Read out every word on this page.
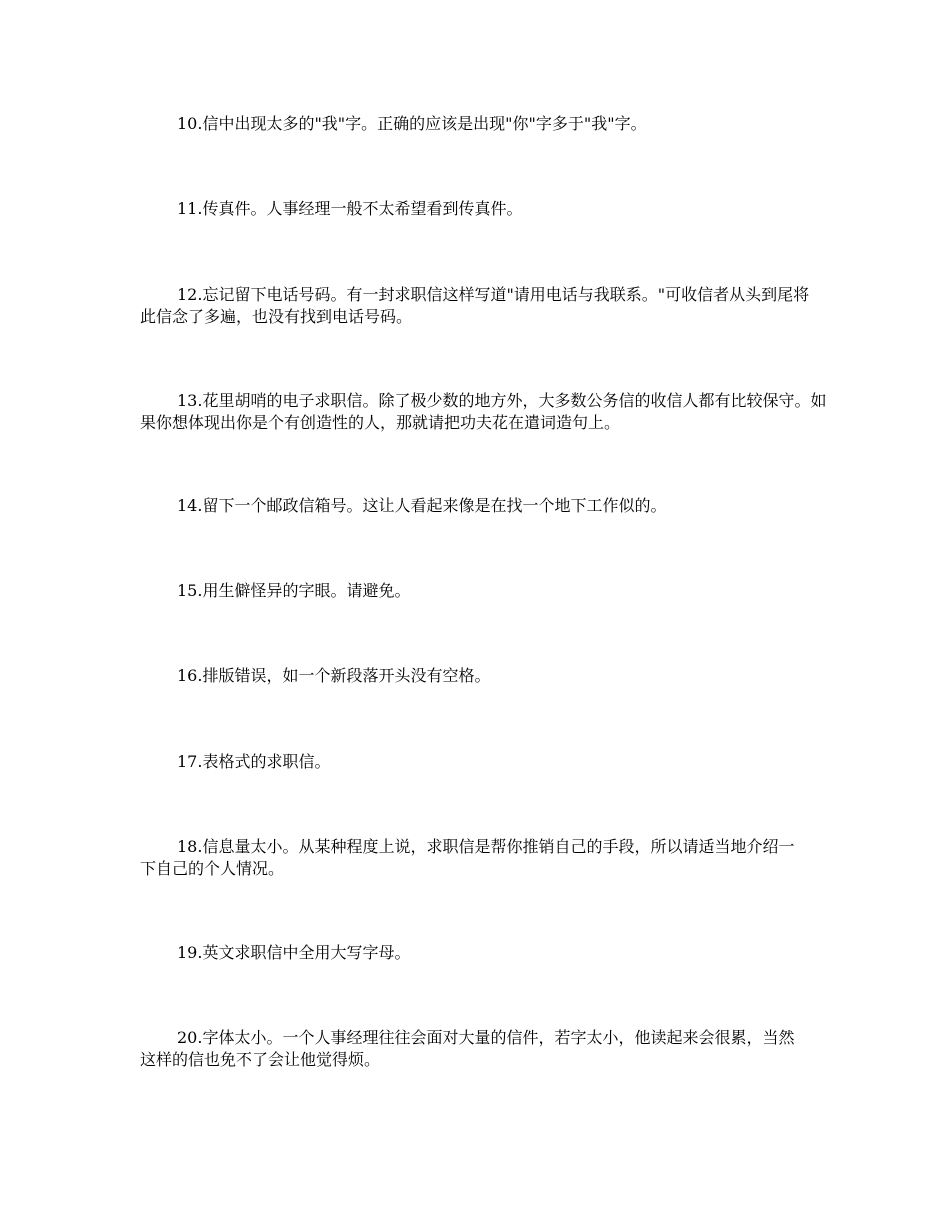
10.信中出现太多的"我"字。正确的应该是出现"你"字多于"我"字。

11.传真件。人事经理一般不太希望看到传真件。

12.忘记留下电话号码。有一封求职信这样写道"请用电话与我联系。"可收信者从头到尾将此信念了多遍，也没有找到电话号码。

13.花里胡哨的电子求职信。除了极少数的地方外，大多数公务信的收信人都有比较保守。如果你想体现出你是个有创造性的人，那就请把功夫花在遣词造句上。

14.留下一个邮政信箱号。这让人看起来像是在找一个地下工作似的。

15.用生僻怪异的字眼。请避免。

16.排版错误，如一个新段落开头没有空格。

17.表格式的求职信。

18.信息量太小。从某种程度上说，求职信是帮你推销自己的手段，所以请适当地介绍一下自己的个人情况。

19.英文求职信中全用大写字母。

20.字体太小。一个人事经理往往会面对大量的信件，若字太小，他读起来会很累，当然这样的信也免不了会让他觉得烦。
